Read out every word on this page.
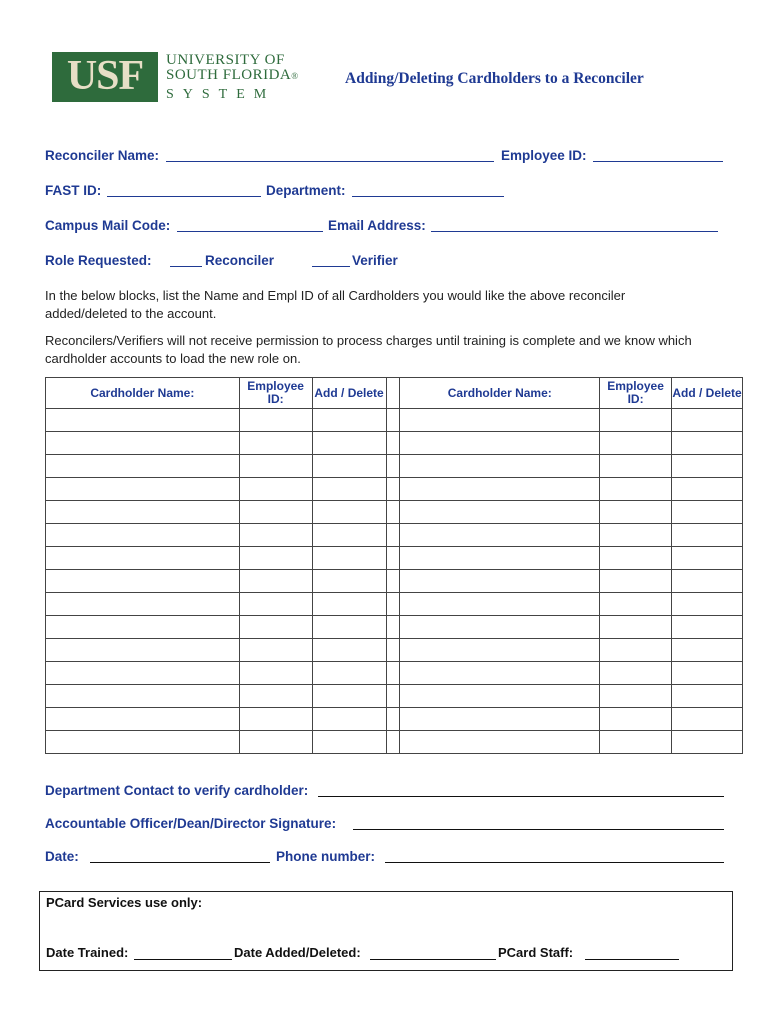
USF	UNIVERSITY OF
SOUTH FLORIDA®
SYSTEM
Adding/Deleting Cardholders to a Reconciler
Reconciler Name:	Employee ID:
FAST ID:	Department:
Campus Mail Code:	Email Address:
Role Requested:	Reconciler	Verifier
In the below blocks, list the Name and Empl ID of all Cardholders you would like the above reconciler added/deleted to the account.
Reconcilers/Verifiers will not receive permission to process charges until training is complete and we know which cardholder accounts to load the new role on.
Cardholder Name:	Employee ID:	Add / Delete		Cardholder Name:	Employee ID:	Add / Delete

Department Contact to verify cardholder:
Accountable Officer/Dean/Director Signature:
Date:	Phone number:
PCard Services use only:
Date Trained:	Date Added/Deleted:	PCard Staff:
